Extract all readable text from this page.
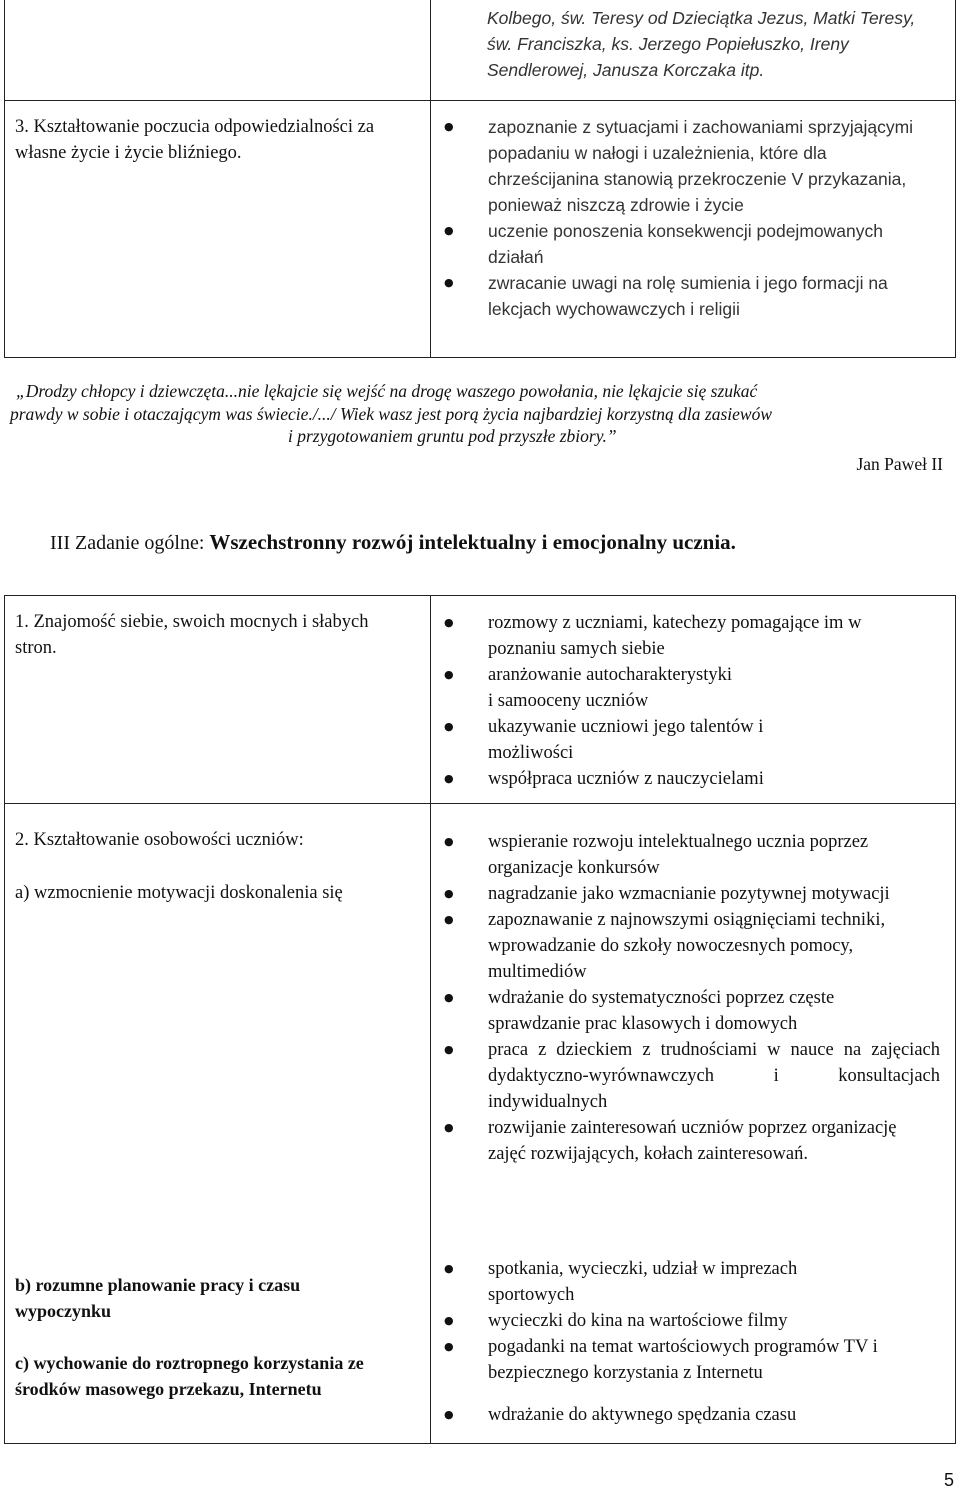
Kolbego, św. Teresy od Dzieciątka Jezus, Matki Teresy, św. Franciszka, ks. Jerzego Popiełuszko, Ireny Sendlerowej, Janusza Korczaka itp.
3. Kształtowanie poczucia odpowiedzialności za własne życie i życie bliźniego.
● zapoznanie z sytuacjami i zachowaniami sprzyjającymi popadaniu w nałogi i uzależnienia, które dla chrześcijanina stanowią przekroczenie V przykazania, ponieważ niszczą zdrowie i życie
● uczenie ponoszenia konsekwencji podejmowanych działań
● zwracanie uwagi na rolę sumienia i jego formacji na lekcjach wychowawczych i religii

„Drodzy chłopcy i dziewczęta...nie lękajcie się wejść na drogę waszego powołania, nie lękajcie się szukać

prawdy w sobie i otaczającym was świecie./.../ Wiek wasz jest porą życia najbardziej korzystną dla zasiewów

i przygotowaniem gruntu pod przyszłe zbiory.”

Jan Paweł II
III Zadanie ogólne: Wszechstronny rozwój intelektualny i emocjonalny ucznia.
1. Znajomość siebie, swoich mocnych i słabych stron.
● rozmowy z uczniami, katechezy pomagające im w poznaniu samych siebie
● aranżowanie autocharakterystyki i samooceny uczniów
● ukazywanie uczniowi jego talentów i możliwości
● współpraca uczniów z nauczycielami
2. Kształtowanie osobowości uczniów:
a) wzmocnienie motywacji doskonalenia się
b) rozumne planowanie pracy i czasu wypoczynku
c) wychowanie do roztropnego korzystania ze środków masowego przekazu, Internetu
● wspieranie rozwoju intelektualnego ucznia poprzez organizacje konkursów
● nagradzanie jako wzmacnianie pozytywnej motywacji
● zapoznawanie z najnowszymi osiągnięciami techniki, wprowadzanie do szkoły nowoczesnych pomocy, multimediów
● wdrażanie do systematyczności poprzez częste sprawdzanie prac klasowych i domowych
● praca z dzieckiem z trudnościami w nauce na zajęciach dydaktyczno-wyrównawczych i konsultacjach indywidualnych
● rozwijanie zainteresowań uczniów poprzez organizację zajęć rozwijających, kołach zainteresowań.
● spotkania, wycieczki, udział w imprezach sportowych
● wycieczki do kina na wartościowe filmy
● pogadanki na temat wartościowych programów TV i bezpiecznego korzystania z Internetu
● wdrażanie do aktywnego spędzania czasu
5
